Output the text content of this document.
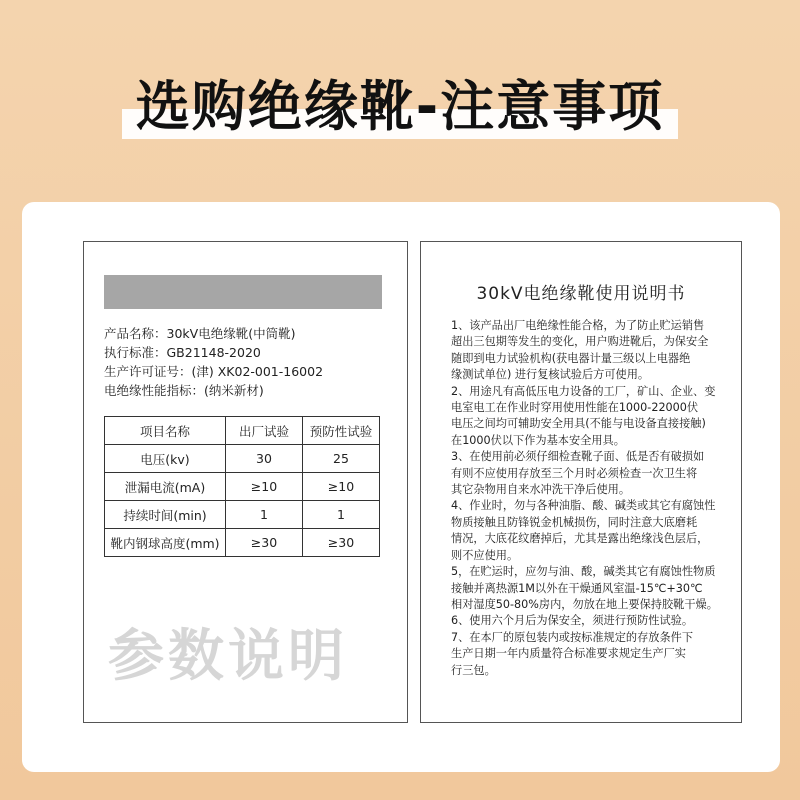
选购绝缘靴-注意事项
产品名称：30kV电绝缘靴(中筒靴)
执行标准：GB21148-2020
生产许可证号：(津) XK02-001-16002
电绝缘性能指标：(纳米新材)
项目名称	出厂试验	预防性试验
电压(kv)	30	25
泄漏电流(mA)	≥10	≥10
持续时间(min)	1	1
靴内钢球高度(mm)	≥30	≥30
参数说明
30kV电绝缘靴使用说明书
1、该产品出厂电绝缘性能合格，为了防止贮运销售
超出三包期等发生的变化，用户购进靴后，为保安全
随即到电力试验机构(获电器计量三级以上电器绝
缘测试单位) 进行复核试验后方可使用。
2、用途凡有高低压电力设备的工厂，矿山、企业、变
电室电工在作业时穿用使用性能在1000-22000伏
电压之间均可辅助安全用具(不能与电设备直接接触)
在1000伏以下作为基本安全用具。
3、在使用前必须仔细检查靴子面、低是否有破损如
有则不应使用存放至三个月时必须检查一次卫生将
其它杂物用自来水冲洗干净后使用。
4、作业时，勿与各种油脂、酸、碱类或其它有腐蚀性
物质接触且防锋锐金机械损伤，同时注意大底磨耗
情况，大底花纹磨掉后，尤其是露出绝缘浅色层后，
则不应使用。
5，在贮运时，应勿与油、酸，碱类其它有腐蚀性物质
接触并离热源1M以外在干燥通风室温-15℃+30℃
相对湿度50-80%房内，勿放在地上要保持胶靴干燥。
6、使用六个月后为保安全，须进行预防性试验。
7、在本厂的原包装内或按标准规定的存放条件下
生产日期一年内质量符合标准要求规定生产厂实
行三包。
